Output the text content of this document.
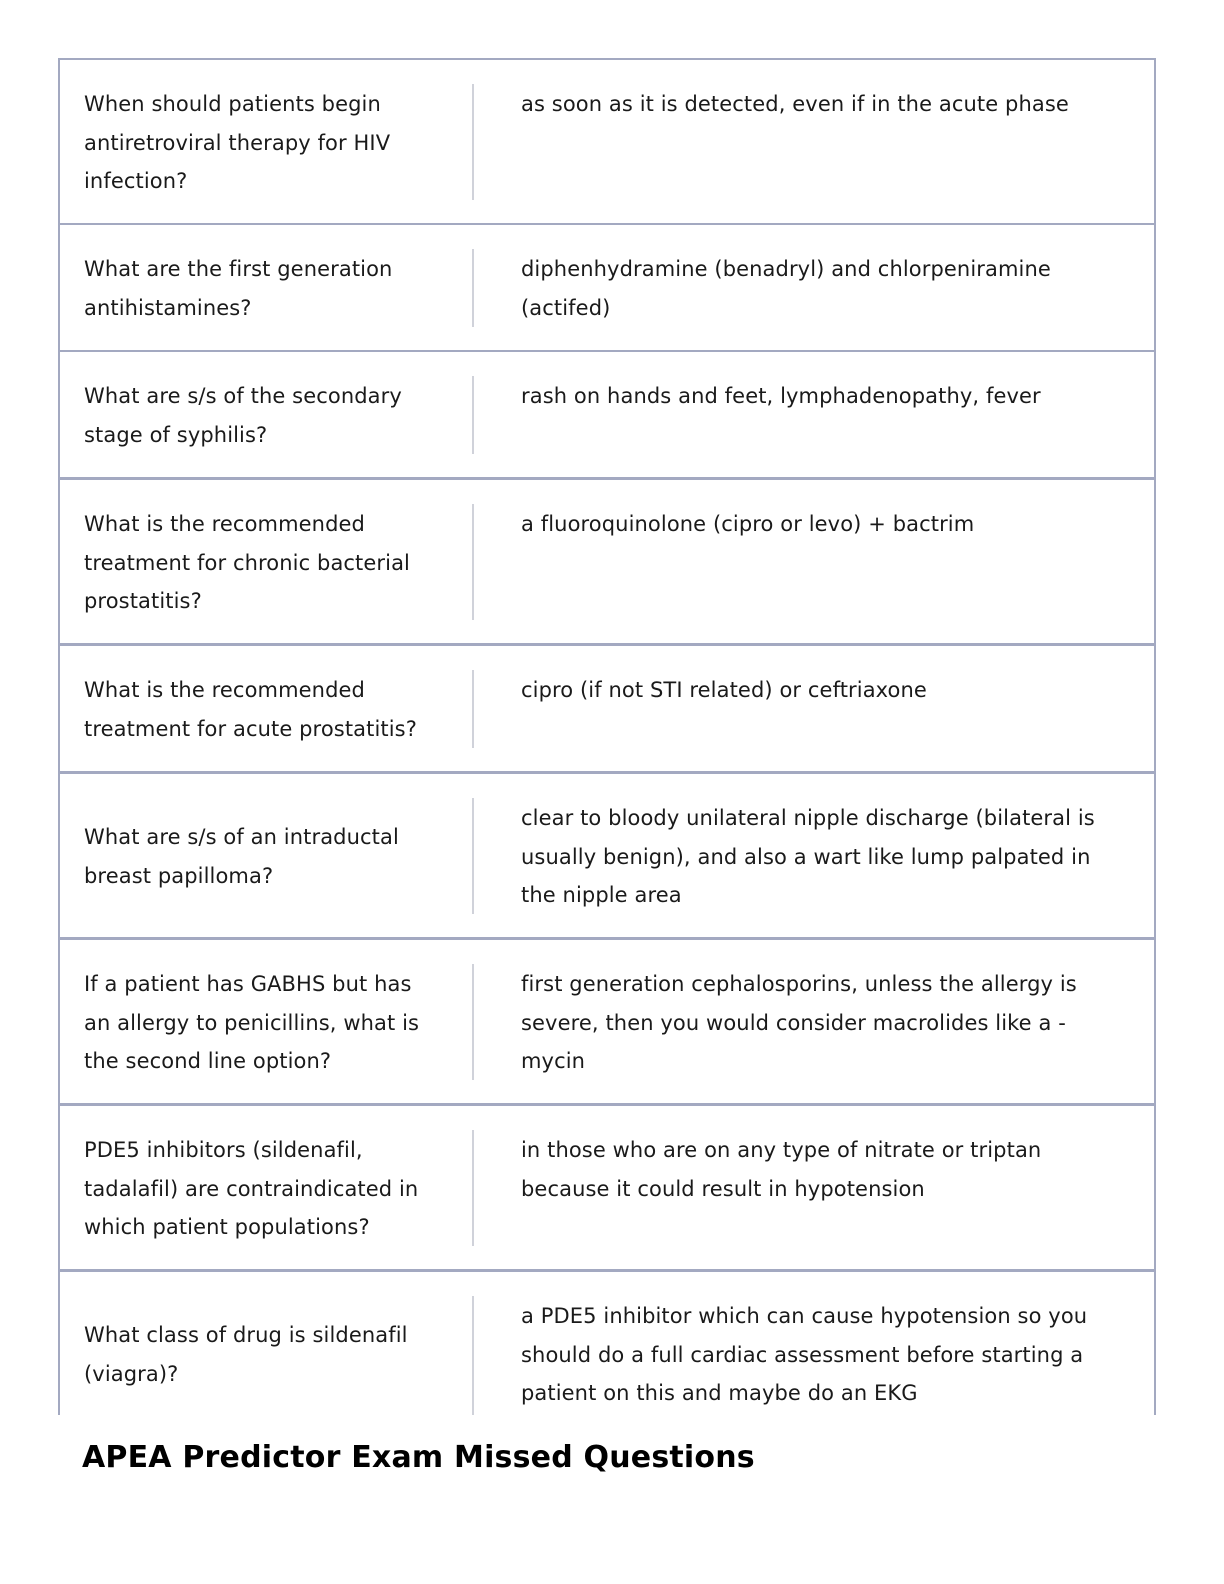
When should patients begin antiretroviral therapy for HIV infection?

as soon as it is detected, even if in the acute phase

What are the first generation antihistamines?

diphenhydramine (benadryl) and chlorpeniramine (actifed)

What are s/s of the secondary stage of syphilis?

rash on hands and feet, lymphadenopathy, fever

What is the recommended treatment for chronic bacterial prostatitis?

a fluoroquinolone (cipro or levo) + bactrim

What is the recommended treatment for acute prostatitis?

cipro (if not STI related) or ceftriaxone

What are s/s of an intraductal breast papilloma?

clear to bloody unilateral nipple discharge (bilateral is usually benign), and also a wart like lump palpated in the nipple area

If a patient has GABHS but has an allergy to penicillins, what is the second line option?

first generation cephalosporins, unless the allergy is severe, then you would consider macrolides like a -mycin

PDE5 inhibitors (sildenafil, tadalafil) are contraindicated in which patient populations?

in those who are on any type of nitrate or triptan because it could result in hypotension

What class of drug is sildenafil (viagra)?

a PDE5 inhibitor which can cause hypotension so you should do a full cardiac assessment before starting a patient on this and maybe do an EKG

APEA Predictor Exam Missed Questions
